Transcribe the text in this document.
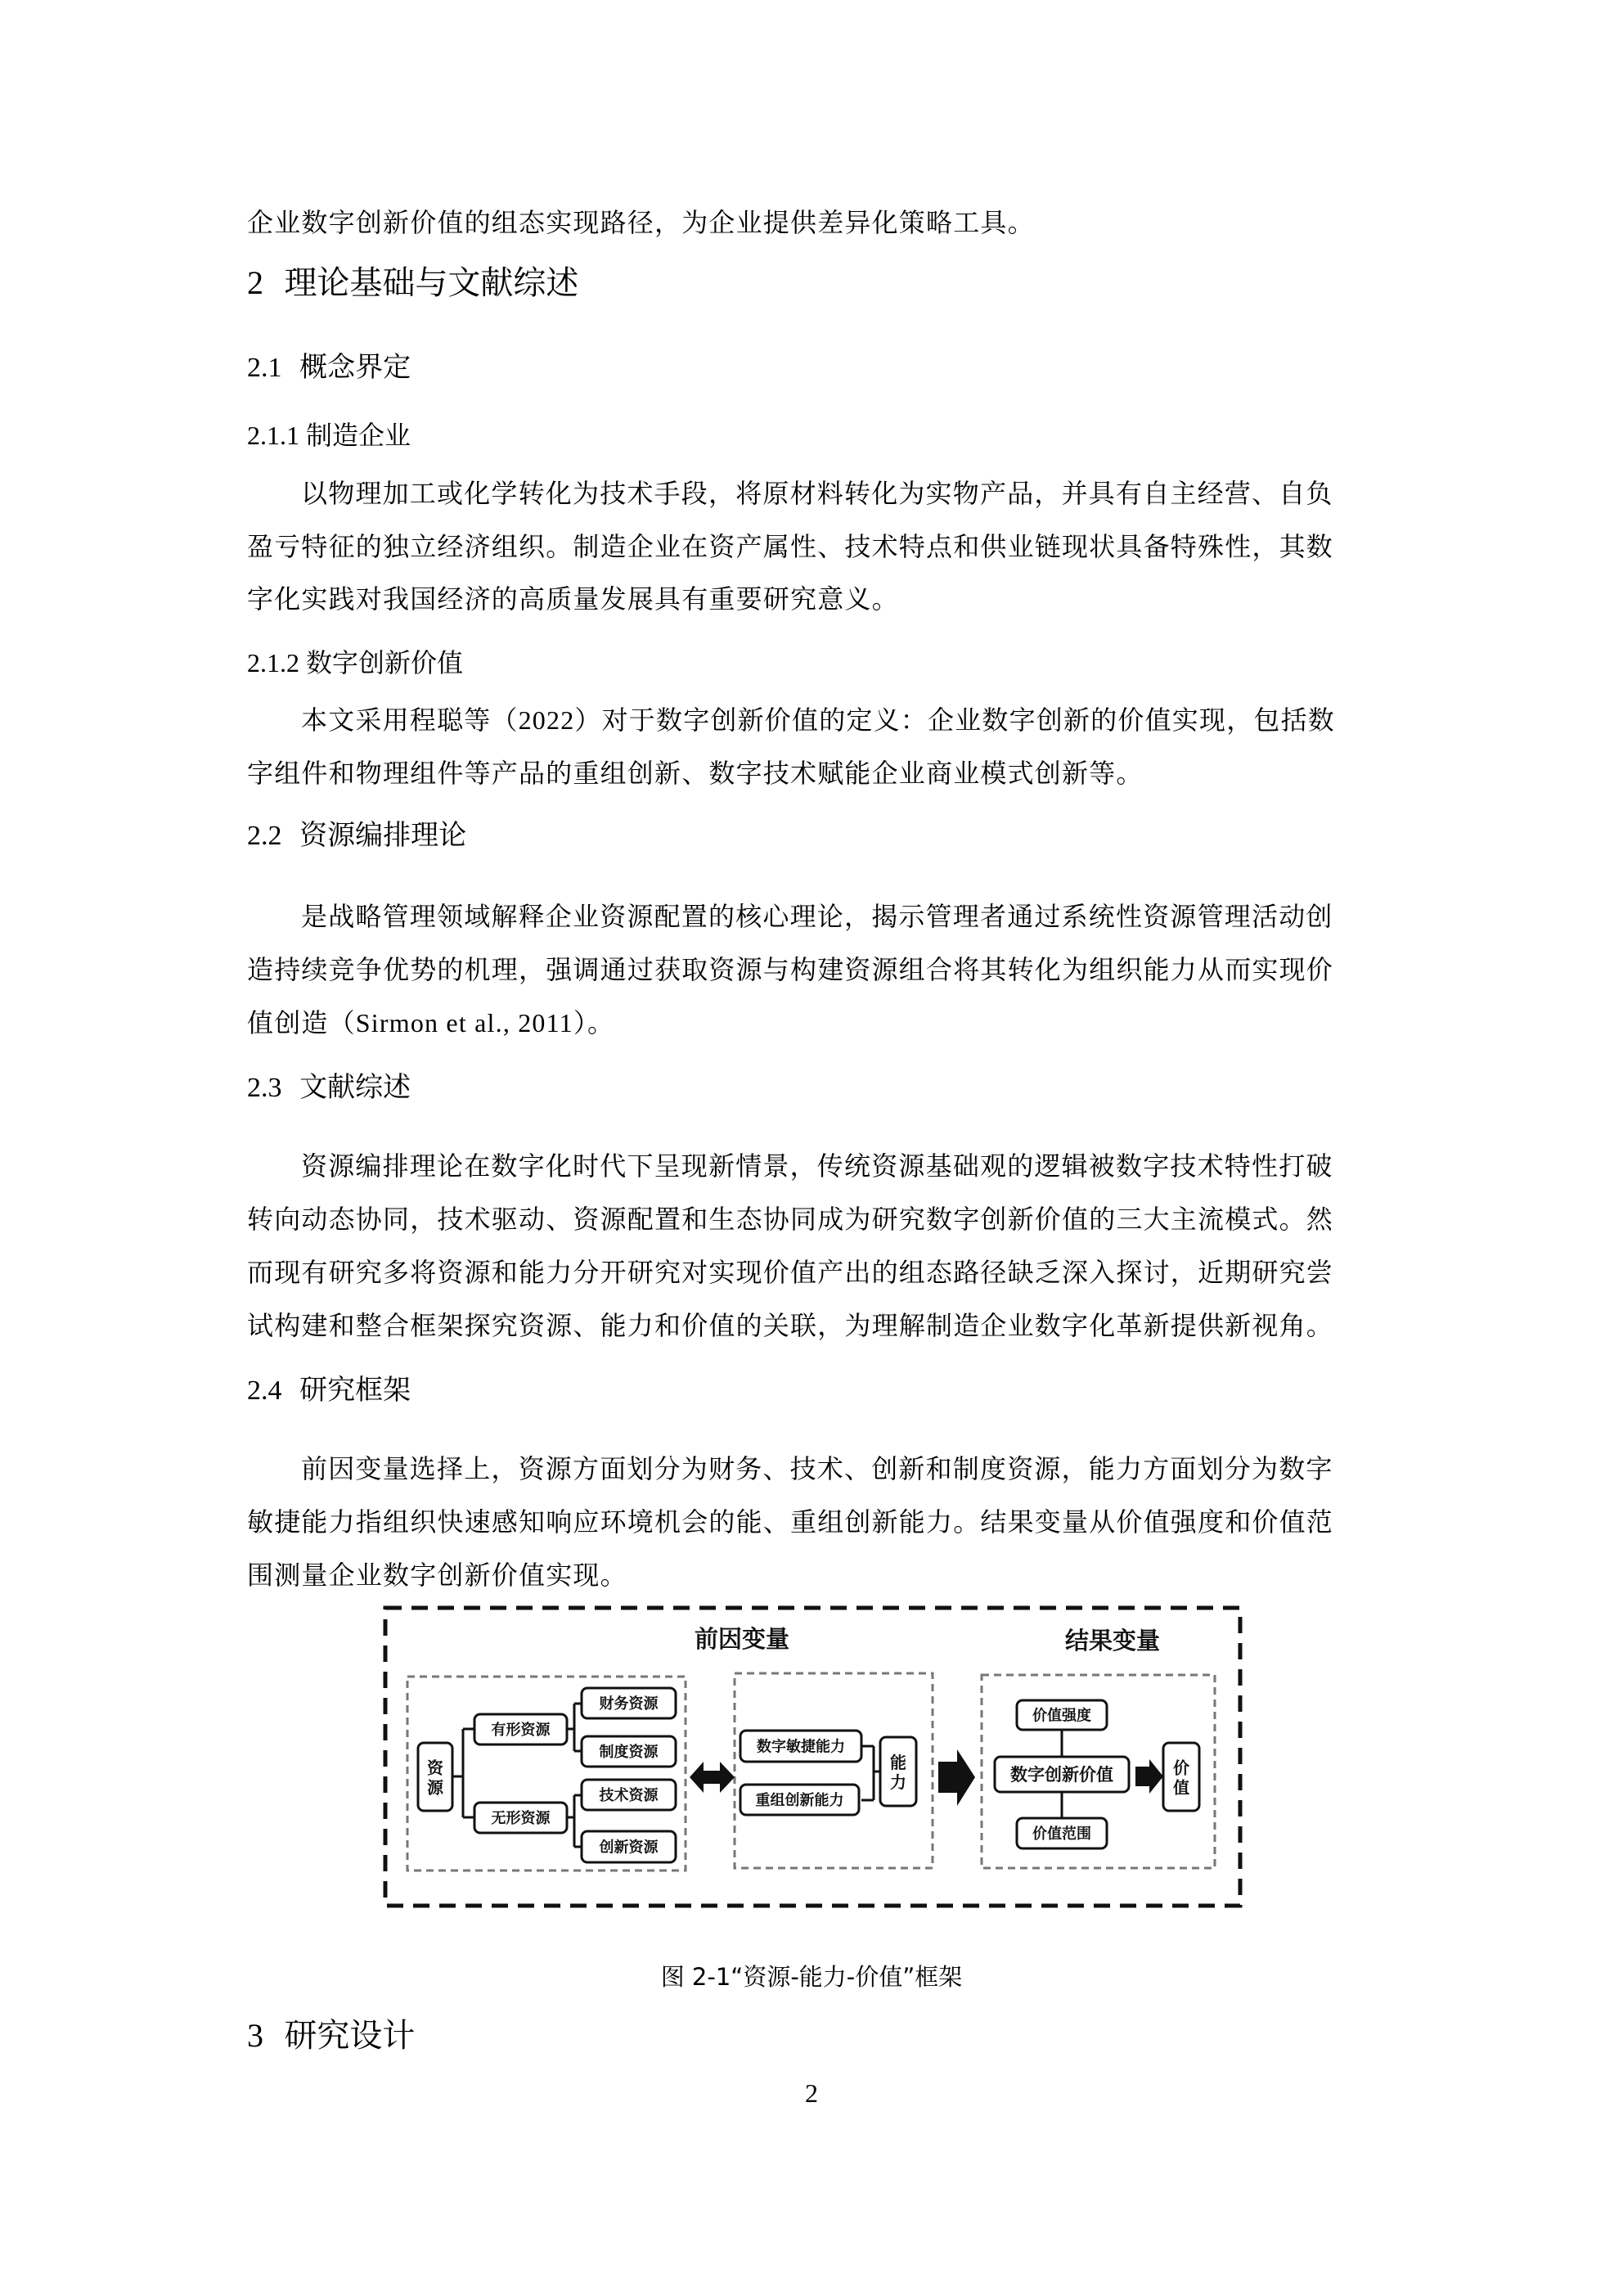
企业数字创新价值的组态实现路径，为企业提供差异化策略工具。
2 理论基础与文献综述
2.1 概念界定
2.1.1 制造企业
以物理加工或化学转化为技术手段，将原材料转化为实物产品，并具有自主经营、自负
盈亏特征的独立经济组织。制造企业在资产属性、技术特点和供业链现状具备特殊性，其数
字化实践对我国经济的高质量发展具有重要研究意义。
2.1.2 数字创新价值
本文采用程聪等（2022）对于数字创新价值的定义：企业数字创新的价值实现，包括数
字组件和物理组件等产品的重组创新、数字技术赋能企业商业模式创新等。
2.2 资源编排理论
是战略管理领域解释企业资源配置的核心理论，揭示管理者通过系统性资源管理活动创
造持续竞争优势的机理，强调通过获取资源与构建资源组合将其转化为组织能力从而实现价
值创造（Sirmon et al., 2011）。
2.3 文献综述
资源编排理论在数字化时代下呈现新情景，传统资源基础观的逻辑被数字技术特性打破
转向动态协同，技术驱动、资源配置和生态协同成为研究数字创新价值的三大主流模式。然
而现有研究多将资源和能力分开研究对实现价值产出的组态路径缺乏深入探讨，近期研究尝
试构建和整合框架探究资源、能力和价值的关联，为理解制造企业数字化革新提供新视角。
2.4 研究框架
前因变量选择上，资源方面划分为财务、技术、创新和制度资源，能力方面划分为数字
敏捷能力指组织快速感知响应环境机会的能、重组创新能力。结果变量从价值强度和价值范
围测量企业数字创新价值实现。
前因变量	结果变量
资
源
有形资源
无形资源
财务资源
制度资源
技术资源
创新资源
数字敏捷能力
重组创新能力
能
力
价值强度
数字创新价值
价值范围
价
值
图 2-1“资源-能力-价值”框架
3 研究设计
2
